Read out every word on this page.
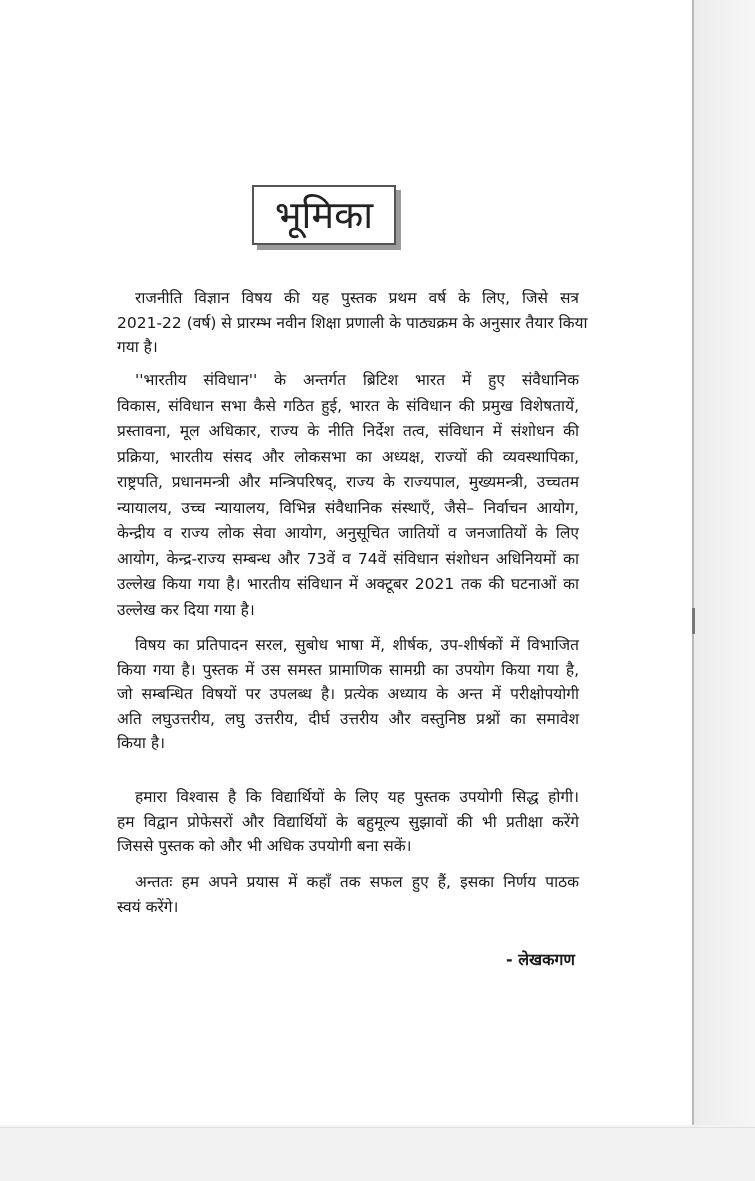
भूमिका
राजनीति विज्ञान विषय की यह पुस्तक प्रथम वर्ष के लिए, जिसे सत्र
2021-22 (वर्ष) से प्रारम्भ नवीन शिक्षा प्रणाली के पाठ्यक्रम के अनुसार तैयार किया
गया है।
''भारतीय संविधान'' के अन्तर्गत ब्रिटिश भारत में हुए संवैधानिक
विकास, संविधान सभा कैसे गठित हुई, भारत के संविधान की प्रमुख विशेषतायें,
प्रस्तावना, मूल अधिकार, राज्य के नीति निर्देश तत्व, संविधान में संशोधन की
प्रक्रिया, भारतीय संसद और लोकसभा का अध्यक्ष, राज्यों की व्यवस्थापिका,
राष्ट्रपति, प्रधानमन्त्री और मन्त्रिपरिषद्, राज्य के राज्यपाल, मुख्यमन्त्री, उच्चतम
न्यायालय, उच्च न्यायालय, विभिन्न संवैधानिक संस्थाएँ, जैसे– निर्वाचन आयोग,
केन्द्रीय व राज्य लोक सेवा आयोग, अनुसूचित जातियों व जनजातियों के लिए
आयोग, केन्द्र-राज्य सम्बन्ध और 73वें व 74वें संविधान संशोधन अधिनियमों का
उल्लेख किया गया है। भारतीय संविधान में अक्टूबर 2021 तक की घटनाओं का
उल्लेख कर दिया गया है।
विषय का प्रतिपादन सरल, सुबोध भाषा में, शीर्षक, उप-शीर्षकों में विभाजित
किया गया है। पुस्तक में उस समस्त प्रामाणिक सामग्री का उपयोग किया गया है,
जो सम्बन्धित विषयों पर उपलब्ध है। प्रत्येक अध्याय के अन्त में परीक्षोपयोगी
अति लघुउत्तरीय, लघु उत्तरीय, दीर्घ उत्तरीय और वस्तुनिष्ठ प्रश्नों का समावेश
किया है।
हमारा विश्वास है कि विद्यार्थियों के लिए यह पुस्तक उपयोगी सिद्ध होगी।
हम विद्वान प्रोफेसरों और विद्यार्थियों के बहुमूल्य सुझावों की भी प्रतीक्षा करेंगे
जिससे पुस्तक को और भी अधिक उपयोगी बना सकें।
अन्ततः हम अपने प्रयास में कहाँ तक सफल हुए हैं, इसका निर्णय पाठक
स्वयं करेंगे।
- लेखकगण
